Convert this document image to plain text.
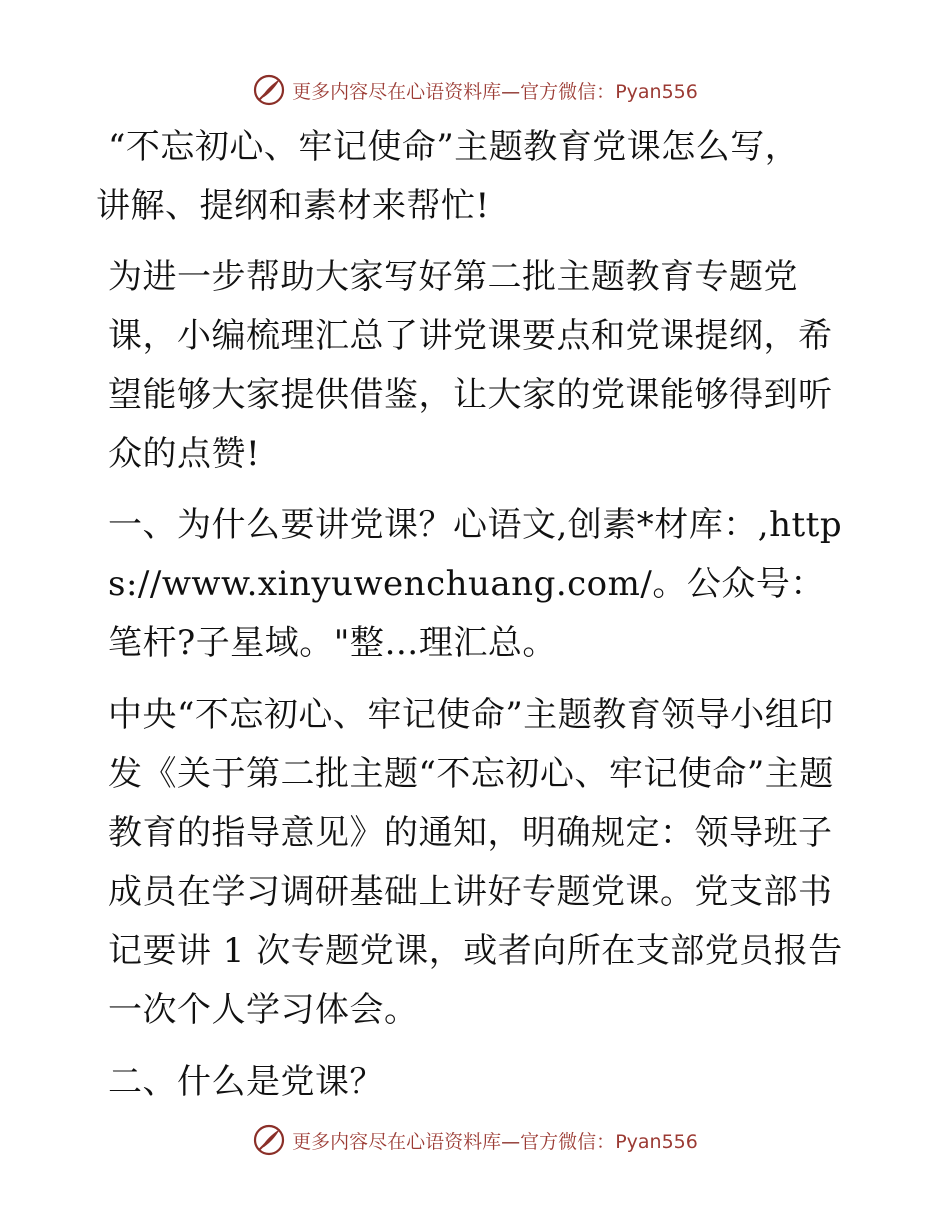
更多内容尽在心语资料库—官方微信：Pyan556

“不忘初心、牢记使命”主题教育党课怎么写，

讲解、提纲和素材来帮忙!

为进一步帮助大家写好第二批主题教育专题党课，小编梳理汇总了讲党课要点和党课提纲，希望能够大家提供借鉴，让大家的党课能够得到听众的点赞!

一、为什么要讲党课？心语文,创素*材库：,https://www.xinyuwenchuang.com/。公众号：笔杆?子星域。"整…理汇总。

中央“不忘初心、牢记使命”主题教育领导小组印发《关于第二批主题“不忘初心、牢记使命”主题教育的指导意见》的通知，明确规定：领导班子成员在学习调研基础上讲好专题党课。党支部书记要讲 1 次专题党课，或者向所在支部党员报告一次个人学习体会。

二、什么是党课？

更多内容尽在心语资料库—官方微信：Pyan556
